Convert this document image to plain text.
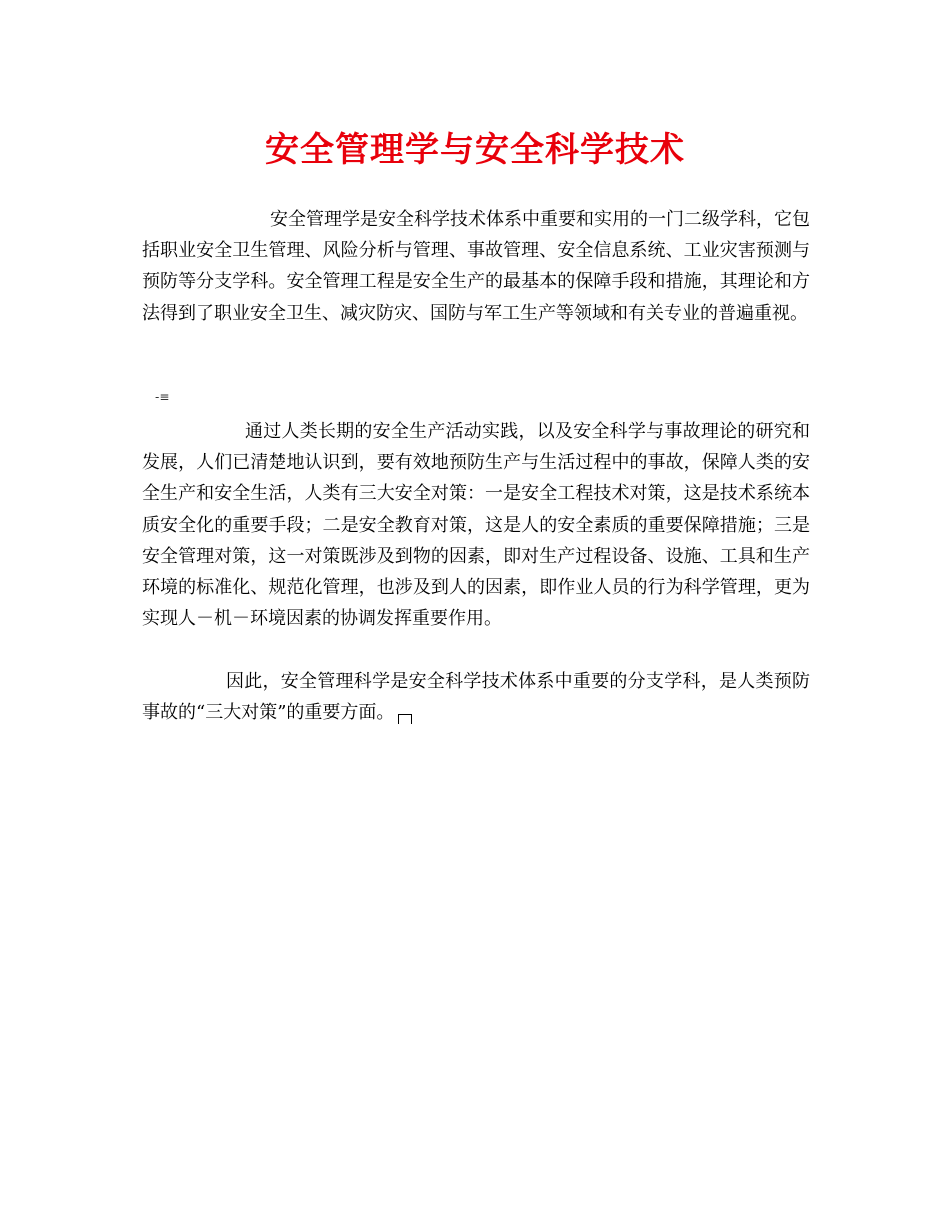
安全管理学与安全科学技术
安全管理学是安全科学技术体系中重要和实用的一门二级学科，它包括职业安全卫生管理、风险分析与管理、事故管理、安全信息系统、工业灾害预测与预防等分支学科。安全管理工程是安全生产的最基本的保障手段和措施，其理论和方法得到了职业安全卫生、减灾防灾、国防与军工生产等领域和有关专业的普遍重视。
-≡
通过人类长期的安全生产活动实践，以及安全科学与事故理论的研究和发展，人们已清楚地认识到，要有效地预防生产与生活过程中的事故，保障人类的安全生产和安全生活，人类有三大安全对策：一是安全工程技术对策，这是技术系统本质安全化的重要手段；二是安全教育对策，这是人的安全素质的重要保障措施；三是安全管理对策，这一对策既涉及到物的因素，即对生产过程设备、设施、工具和生产环境的标准化、规范化管理，也涉及到人的因素，即作业人员的行为科学管理，更为实现人－机－环境因素的协调发挥重要作用。
因此，安全管理科学是安全科学技术体系中重要的分支学科，是人类预防事故的“三大对策”的重要方面。
